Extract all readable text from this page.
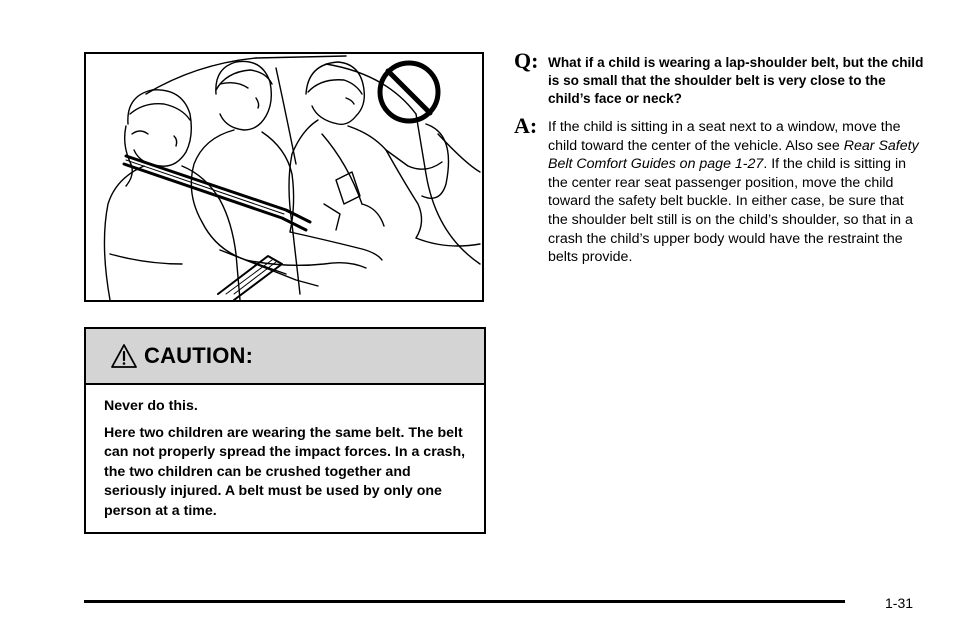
CAUTION:

Never do this.

Here two children are wearing the same belt. The belt can not properly spread the impact forces. In a crash, the two children can be crushed together and seriously injured. A belt must be used by only one person at a time.

Q: What if a child is wearing a lap-shoulder belt, but the child is so small that the shoulder belt is very close to the child’s face or neck?
A: If the child is sitting in a seat next to a window, move the child toward the center of the vehicle. Also see Rear Safety Belt Comfort Guides on page 1-27. If the child is sitting in the center rear seat passenger position, move the child toward the safety belt buckle. In either case, be sure that the shoulder belt still is on the child’s shoulder, so that in a crash the child’s upper body would have the restraint the belts provide.
1-31
